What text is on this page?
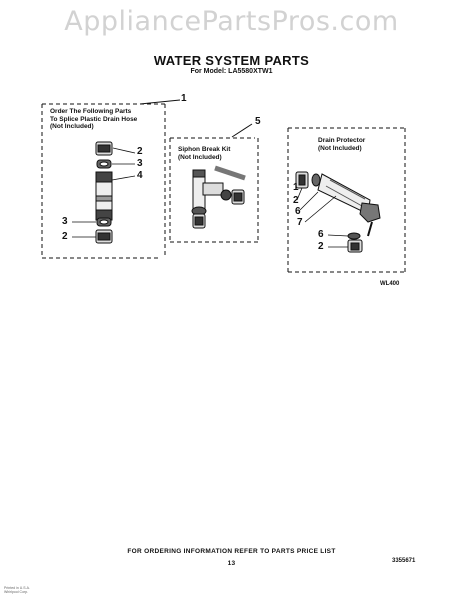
AppliancePartsPros.com
WATER SYSTEM PARTS
For Model: LA5580XTW1
Order The Following Parts
To Splice Plastic Drain Hose
(Not Included)
Siphon Break Kit
(Not Included)
Drain Protector
(Not Included)
1
2
3
4
3
2
5
1
2
6
7
6
2
WL400
FOR ORDERING INFORMATION REFER TO PARTS PRICE LIST
13	3355671
Printed in U.S.A.
Whirlpool Corp.
